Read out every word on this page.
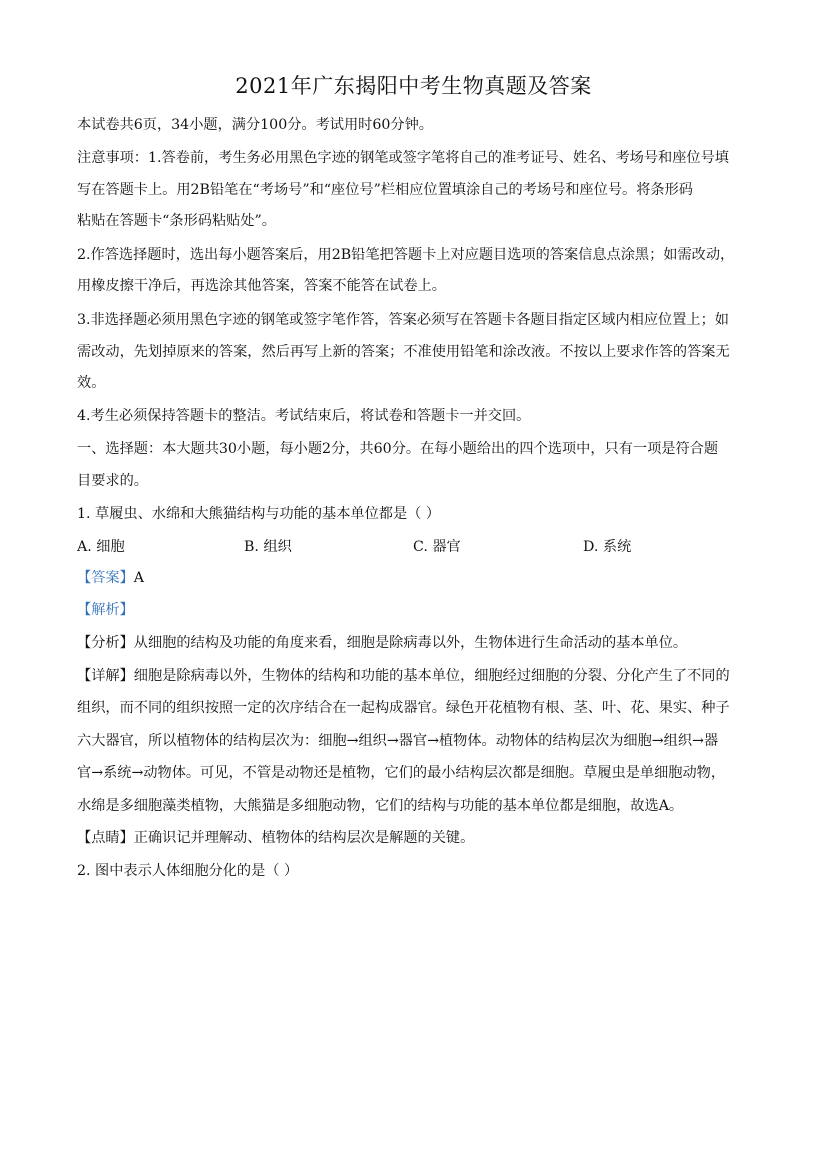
2021年广东揭阳中考生物真题及答案
本试卷共6页，34小题，满分100分。考试用时60分钟。
注意事项：1.答卷前，考生务必用黑色字迹的钢笔或签字笔将自己的准考证号、姓名、考场号和座位号填
写在答题卡上。用2B铅笔在“考场号”和“座位号”栏相应位置填涂自己的考场号和座位号。将条形码
粘贴在答题卡“条形码粘贴处”。
2.作答选择题时，选出每小题答案后，用2B铅笔把答题卡上对应题目选项的答案信息点涂黑；如需改动，
用橡皮擦干净后，再选涂其他答案，答案不能答在试卷上。
3.非选择题必须用黑色字迹的钢笔或签字笔作答，答案必须写在答题卡各题目指定区域内相应位置上；如
需改动，先划掉原来的答案，然后再写上新的答案；不准使用铅笔和涂改液。不按以上要求作答的答案无
效。
4.考生必须保持答题卡的整洁。考试结束后，将试卷和答题卡一并交回。
一、选择题：本大题共30小题，每小题2分，共60分。在每小题给出的四个选项中，只有一项是符合题
目要求的。
1. 草履虫、水绵和大熊猫结构与功能的基本单位都是（ ）
A. 细胞	B. 组织	C. 器官	D. 系统
【答案】A
【解析】
【分析】从细胞的结构及功能的角度来看，细胞是除病毒以外，生物体进行生命活动的基本单位。
【详解】细胞是除病毒以外，生物体的结构和功能的基本单位，细胞经过细胞的分裂、分化产生了不同的
组织，而不同的组织按照一定的次序结合在一起构成器官。绿色开花植物有根、茎、叶、花、果实、种子
六大器官，所以植物体的结构层次为：细胞→组织→器官→植物体。动物体的结构层次为细胞→组织→器
官→系统→动物体。可见，不管是动物还是植物，它们的最小结构层次都是细胞。草履虫是单细胞动物，
水绵是多细胞藻类植物，大熊猫是多细胞动物，它们的结构与功能的基本单位都是细胞，故选A。
【点睛】正确识记并理解动、植物体的结构层次是解题的关键。
2. 图中表示人体细胞分化的是（ ）
